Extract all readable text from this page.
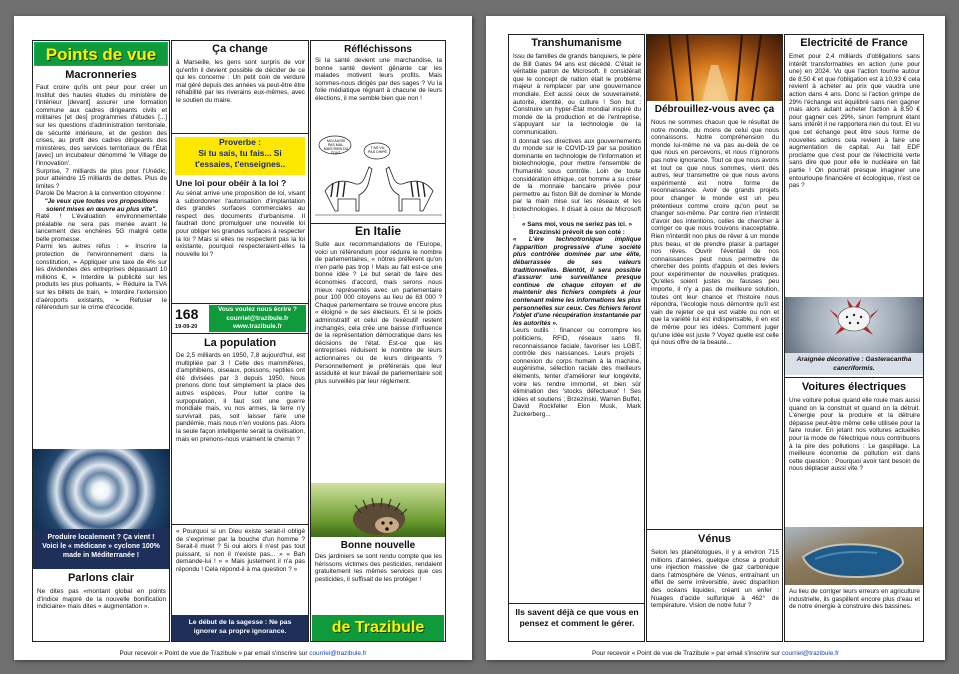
Points de vue
Macronneries

Faut croire qu'ils ont peur pour créer un Institut des hautes études du ministère de l'intérieur [devant] assurer une formation commune aux cadres dirigeants civils et militaires [et des] programmes d'études [...] sur les questions d'administration territoriale, de sécurité intérieure, et de gestion des crises, au profit des cadres dirigeants des ministères, des services territoriaux de l'État [avec] un incubateur dénommé 'le Village de l'innovation'.

Surprise, 7 milliards de plus pour l'Unédic, pour atteindre 15 milliards de dettes. Plus de limites ?

Parole De Macron à la convention citoyenne :

"Je veux que toutes vos propositions soient mises en œuvre au plus vite".

Raté ! L'évaluation environnementale préalable ne sera pas menée avant le lancement des enchères 5G malgré cette belle promesse.

Parmi les autres refus : ➢ Inscrire la protection de l'environnement dans la constitution, ➢ Appliquer une taxe de 4% sur les dividendes des entreprises dépassant 10 millions €, ➢ Interdire la publicité sur les produits les plus polluants, ➢ Réduire la TVA sur les billets de train, ➢ Interdire l'extension d'aéroports existants, ➢ Refuser le référendum sur le crime d'écocide.

Produire localement ? Ça vient ! Voici le « médicane » cyclone 100% made in Méditerranée !
Parlons clair
Ne dites pas «montant global en points d'indice majoré de la nouvelle bonification indiciaire» mais dites « augmentation ».
Ça change
à Marseille, les gens sont surpris de voir qu'enfin il devient possible de décider de ce qui les concerne : Un petit coin de verdure mal géré depuis des années va peut-être être réhabilité par les riverains eux-mêmes, avec le soutien du maire.
Proverbe :
Si tu sais, tu fais... Si t'essaies, t'enseignes..
Une loi pour obéir à la loi ?
Au sénat arrive une proposition de loi, visant à subordonner l'autorisation d'implantation des grandes surfaces commerciales au respect des documents d'urbanisme. Il faudrait donc promulguer une nouvelle loi pour obliger les grandes surfaces à respecter la loi ? Mais si elles ne respectent pas la loi existante, pourquoi respecteraient-elles la nouvelle loi ?
168
19-09-20
Vous voulez nous écrire ?
courriel@trazibule.fr
www.trazibule.fr
La population
De 2,5 milliards en 1950, 7,8 aujourd'hui, est multipliée par 3 ! Celle des mammifères, d'amphibiens, oiseaux, poissons, reptiles ont été divisées par 3 depuis 1950. Nous prenons donc tout simplement la place des autres espèces. Pour lutter contre la surpopulation, il faut soit une guerre mondiale mais, vu nos armes, la terre n'y survivrait pas, soit laisser faire une pandémie, mais nous n'en voulons pas. Alors la seule façon intelligente serait la civilisation, mais en prenons-nous vraiment le chemin ?
« Pourquoi si un Dieu existe serait-il obligé de s'exprimer par la bouche d'un homme ? Serait-il muet ? Si oui alors il n'est pas tout puissant, si non il n'existe pas... » « Bah demande-lui ! » « Mais justement il n'a pas répondu ! Cela répond-il à ma question ? »
Le début de la sagesse : Ne pas ignorer sa propre ignorance.
Réfléchissons
Si la santé devient une marchandise, la bonne santé devient gênante car les malades motivent leurs profits. Mais sommes-nous dirigés par des sages ? Vu la folie médiatique régnant à chacune de leurs élections, il me semble bien que non !
MOI AUSSI PAS MAL, MAIS RIEN DU TOUT.
T'AS VU, PAS CHIPÉ.
En Italie
Suite aux recommandations de l'Europe, voici un référendum pour réduire le nombre de parlementaires, « nôtres préfèrent qu'on n'en parle pas trop ! Mais au fait est-ce une bonne idée ? Le but serait de faire des économies d'accord, mais serons nous mieux représentés avec un parlementaire pour 100 000 citoyens au lieu de 63 000 ? Chaque parlementaire se trouve encore plus « éloigné » de ses électeurs. Et si le poids administratif et celui de l'exécutif restent inchangés, cela crée une baisse d'influence de la représentation démocratique dans les décisions de l'état. Est-ce que les entreprises réduisent le nombre de leurs actionnaires ou de leurs dirigeants ? Personnellement je préférerais que leur assiduité et leur travail de parlementaire soit plus surveillés par leur règlement.
Bonne nouvelle
Des jardiniers se sont rendu compte que les hérissons victimes des pesticides, rendaient gratuitement les mêmes services que ces pesticides, il suffisait de les protéger !
de Trazibule
Pour recevoir « Point de vue de Trazibule » par email s'inscrire sur courriel@trazibule.fr
Transhumanisme

Issu de familles de grands banquiers, le père de Bill Gates 94 ans est décédé. C'était le véritable patron de Microsoft. Il considérait que le concept de nation était le problème majeur à remplacer par une gouvernance mondiale. Exit aussi ceux de souveraineté, autorité, identité, ou culture ! Son but : Construire un hyper-État mondial inspiré du monde de la production et de l'entreprise, s'appuyant sur la technologie de la communication.

Il donnait ses directives aux gouvernements du monde sur le COVID-19 par sa position dominante en technologie de l'information et biotechnologie, pour mettre l'ensemble de l'humanité sous contrôle. Loin de toute considération éthique, cet homme a su créer de la monnaie bancaire privée pour permettre au fiston Bill de dominer le Monde par la main mise sur les réseaux et les biotechnologies. Il disait à ceux de Microsoft :

« Sans moi, vous ne seriez pas ici. » Brzezinski prévoit de son coté :

« L'ère technotronique implique l'apparition progressive d'une société plus contrôlée dominée par une élite, débarrassée de ses valeurs traditionnelles. Bientôt, il sera possible d'assurer une surveillance presque continue de chaque citoyen et de maintenir des fichiers complets à jour contenant même les informations les plus personnelles sur ceux. Ces fichiers feront l'objet d'une récupération instantanée par les autorités ».

Leurs outils : financer ou corrompre les politiciens, RFID, réseaux sans fil, reconnaissance faciale, favoriser les LGBT, contrôle des naissances. Leurs projets : connexion du corps humain à la machine, eugénisme, sélection raciale des meilleurs éléments, tenter d'améliorer leur longévité, voire les rendre immortel, et bien sûr élimination des 'stocks défectueux' ! Ses idées et soutiens ; Brzezinski, Warren Buffet, David Rockfeller Elon Musk, Mark Zuckerberg...

Ils savent déjà ce que vous en pensez et comment le gérer.
Débrouillez-vous avec ça
Nous ne sommes chacun que le résultat de notre monde, du moins de celui que nous connaissons. Notre compréhension du monde lui-même ne va pas au-delà de ce que nous en percevons, et nous n'ignorons pas notre ignorance. Tout ce que nous avons et tout ce que nous sommes, vient des autres, leur transmettre ce que nous avons expérimenté est notre forme de reconnaissance. Avoir de grands projets pour changer le monde est un peu prétentieux comme croire qu'on peut se changer soi-même. Par contre rien n'interdit d'avoir des intentions, celles de chercher à corriger ce que nous trouvons inacceptable. Rien n'interdit non plus de rêver à un monde plus beau, et de prendre plaisir à partager nos rêves. Ouvrir l'éventail de nos connaissances peut nous permettre de chercher des points d'appuis et des leviers pour expérimenter de nouvelles pratiques. Qu'elles soient justes ou fausses peu importe, il n'y a pas de meilleure solution, toutes ont leur chance et l'histoire nous répondra, l'écologie nous démontre qu'il est vain de rejeter ce qui est viable ou non et que la variété lui est indispensable, il en est de même pour les idées. Comment juger qu'une idée est juste ? Voyez quelle est celle qui nous offre de la beauté...
Vénus
Selon les planétologues, il y a environ 715 millions d'années, quelque chose a produit une injection massive de gaz carbonique dans l'atmosphère de Vénus, entraînant un effet de serre irréversible, avec disparition des océans liquides, créant un enfer : Nuages d'acide sulfurique à 462° de température. Vision de notre futur ?
Electricité de France
Emet pour 2,4 milliards d'obligations sans intérêt transformables en action (une pour une) en 2024. Vu que l'action tourne autour de 8.50 € et que l'obligation est à 10,93 € cela revient à acheter au prix que vaudra une action dans 4 ans. Donc si l'action grimpe de 29% l'échange est équilibré sans rien gagner mais alors autant acheter l'action à 8.50 € pour gagner ces 29%, sinon l'emprunt étant sans intérêt il ne rapportera rien du tout. Et vu que cet échange peut être sous forme de nouvelles actions cela revient à faire une augmentation de capital. Au fait EDF proclame que c'est pour de l'électricité verte sans dire que pour elle le nucléaire en fait partie ! On pourrait presque imaginer une entourloupe financière et écologique, n'est ce pas ?
Araignée décorative : Gasteracantha cancriformis.
Voitures électriques
Une voiture pollue quand elle roule mais aussi quand on la construit et quand on la détruit. L'énergie pour la produire et la détruire dépasse peut-être même celle utilisée pour la faire rouler. En jetant nos voitures actuelles pour la mode de l'électrique nous contribuons à la pire des pollutions : Le gaspillage. La meilleure économie de pollution est dans cette question : Pourquoi avoir tant besoin de nous déplacer aussi vite ?
Au lieu de corriger leurs erreurs en agriculture industrielle, ils gaspillent encore plus d'eau et de notre énergie à construire des bassines.
Pour recevoir « Point de vue de Trazibule » par email s'inscrire sur courriel@trazibule.fr
